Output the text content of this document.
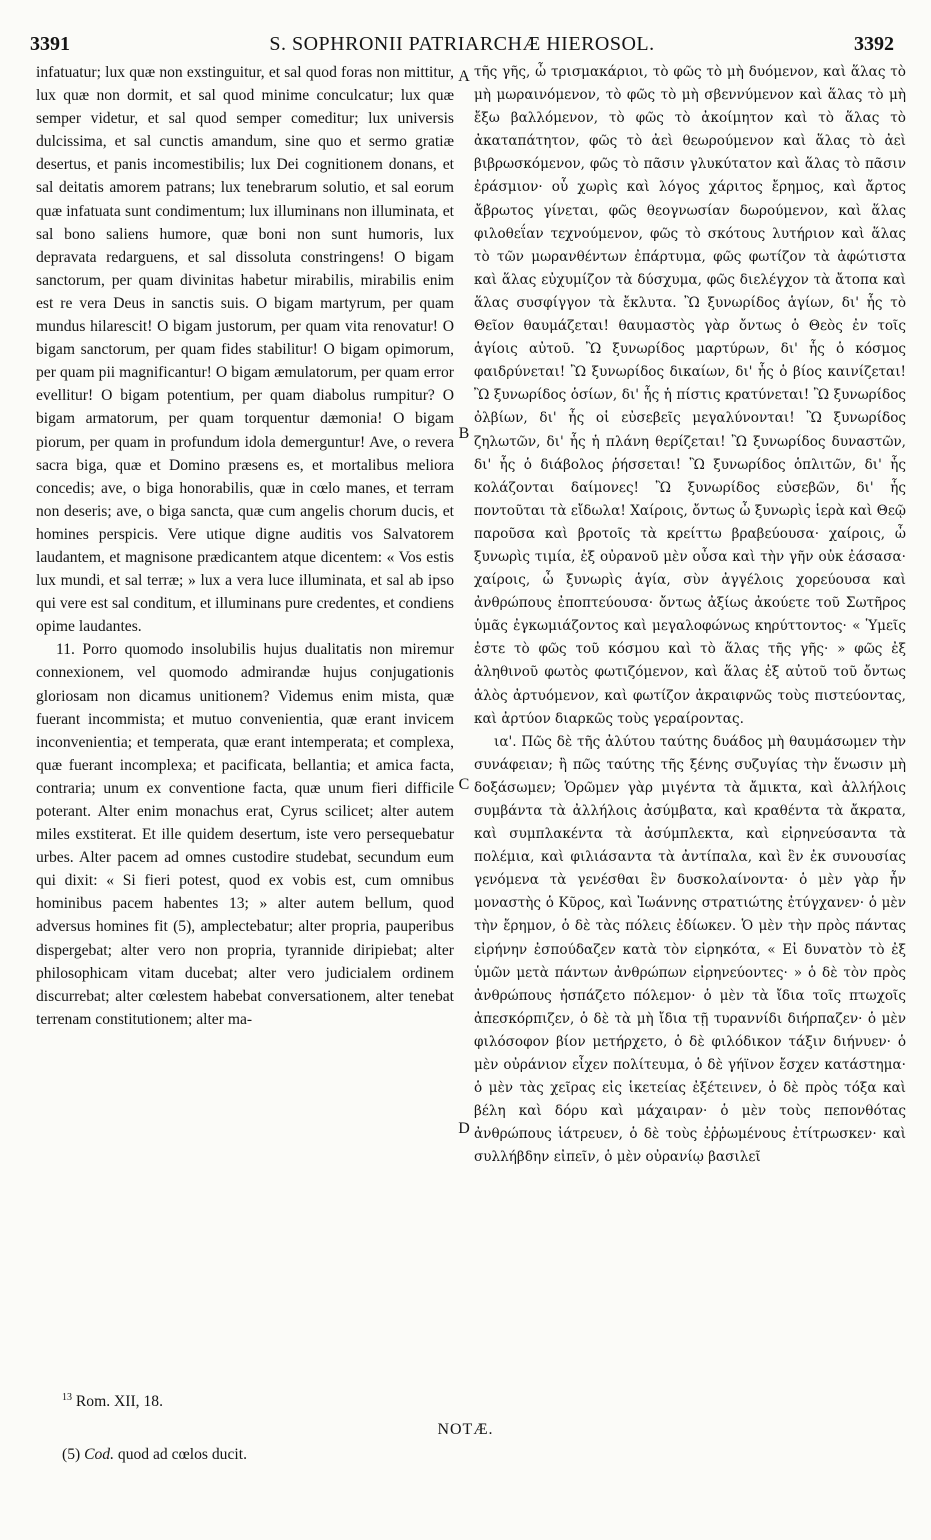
3391	S. SOPHRONII PATRIARCHÆ HIEROSOL.	3392

infatuatur; lux quæ non exstinguitur, et sal quod foras non mittitur, lux quæ non dormit, et sal quod minime conculcatur; lux quæ semper videtur, et sal quod semper comeditur; lux universis dulcissima, et sal cunctis amandum, sine quo et sermo gratiæ desertus, et panis incomestibilis; lux Dei cognitionem donans, et sal deitatis amorem patrans; lux tenebrarum solutio, et sal eorum quæ infatuata sunt condimentum; lux illuminans non illuminata, et sal bono saliens humore, quæ boni non sunt humoris, lux depravata redarguens, et sal dissoluta constringens! O bigam sanctorum, per quam divinitas habetur mirabilis, mirabilis enim est re vera Deus in sanctis suis. O bigam martyrum, per quam mundus hilarescit! O bigam justorum, per quam vita renovatur! O bigam sanctorum, per quam fides stabilitur! O bigam opimorum, per quam pii magnificantur! O bigam æmulatorum, per quam error evellitur! O bigam potentium, per quam diabolus rumpitur? O bigam armatorum, per quam torquentur dæmonia! O bigam piorum, per quam in profundum idola demerguntur! Ave, o revera sacra biga, quæ et Domino præsens es, et mortalibus meliora concedis; ave, o biga honorabilis, quæ in cœlo manes, et terram non deseris; ave, o biga sancta, quæ cum angelis chorum ducis, et homines perspicis. Vere utique digne auditis vos Salvatorem laudantem, et magnisone prædicantem atque dicentem: « Vos estis lux mundi, et sal terræ; » lux a vera luce illuminata, et sal ab ipso qui vere est sal conditum, et illuminans pure credentes, et condiens opime laudantes.

11. Porro quomodo insolubilis hujus dualitatis non miremur connexionem, vel quomodo admirandæ hujus conjugationis gloriosam non dicamus unitionem? Videmus enim mista, quæ fuerant incommista; et mutuo convenientia, quæ erant invicem inconvenientia; et temperata, quæ erant intemperata; et complexa, quæ fuerant incomplexa; et pacificata, bellantia; et amica facta, contraria; unum ex conventione facta, quæ unum fieri difficile poterant. Alter enim monachus erat, Cyrus scilicet; alter autem miles exstiterat. Et ille quidem desertum, iste vero persequebatur urbes. Alter pacem ad omnes custodire studebat, secundum eum qui dixit: « Si fieri potest, quod ex vobis est, cum omnibus hominibus pacem habentes 13; » alter autem bellum, quod adversus homines fit (5), amplectebatur; alter propria, pauperibus dispergebat; alter vero non propria, tyrannide diripiebat; alter philosophicam vitam ducebat; alter vero judicialem ordinem discurrebat; alter cœlestem habebat conversationem, alter tenebat terrenam constitutionem; alter ma-

A
B
C
D

τῆς γῆς, ὦ τρισμακάριοι, τὸ φῶς τὸ μὴ δυόμενον, καὶ ἅλας τὸ μὴ μωραινόμενον, τὸ φῶς τὸ μὴ σβεννύμενον καὶ ἅλας τὸ μὴ ἔξω βαλλόμενον, τὸ φῶς τὸ ἀκοίμητον καὶ τὸ ἅλας τὸ ἀκαταπάτητον, φῶς τὸ ἀεὶ θεωρούμενον καὶ ἅλας τὸ ἀεὶ βιβρωσκόμενον, φῶς τὸ πᾶσιν γλυκύτατον καὶ ἅλας τὸ πᾶσιν ἐράσμιον· οὗ χωρὶς καὶ λόγος χάριτος ἔρημος, καὶ ἄρτος ἄβρωτος γίνεται, φῶς θεογνωσίαν δωρούμενον, καὶ ἅλας φιλοθεΐαν τεχνούμενον, φῶς τὸ σκότους λυτήριον καὶ ἅλας τὸ τῶν μωρανθέντων ἐπάρτυμα, φῶς φωτίζον τὰ ἀφώτιστα καὶ ἅλας εὐχυμίζον τὰ δύσχυμα, φῶς διελέγχον τὰ ἄτοπα καὶ ἅλας συσφίγγον τὰ ἔκλυτα. Ὢ ξυνωρίδος ἁγίων, δι' ἧς τὸ Θεῖον θαυμάζεται! θαυμαστὸς γὰρ ὄντως ὁ Θεὸς ἐν τοῖς ἁγίοις αὐτοῦ. Ὢ ξυνωρίδος μαρτύρων, δι' ἧς ὁ κόσμος φαιδρύνεται! Ὢ ξυνωρίδος δικαίων, δι' ἧς ὁ βίος καινίζεται! Ὢ ξυνωρίδος ὁσίων, δι' ἧς ἡ πίστις κρατύνεται! Ὢ ξυνωρίδος ὀλβίων, δι' ἧς οἱ εὐσεβεῖς μεγαλύνονται! Ὢ ξυνωρίδος ζηλωτῶν, δι' ἧς ἡ πλάνη θερίζεται! Ὢ ξυνωρίδος δυναστῶν, δι' ἧς ὁ διάβολος ῥήσσεται! Ὢ ξυνωρίδος ὁπλιτῶν, δι' ἧς κολάζονται δαίμονες! Ὢ ξυνωρίδος εὐσεβῶν, δι' ἧς ποντοῦται τὰ εἴδωλα! Χαίροις, ὄντως ὦ ξυνωρὶς ἱερὰ καὶ Θεῷ παροῦσα καὶ βροτοῖς τὰ κρείττω βραβεύουσα· χαίροις, ὦ ξυνωρὶς τιμία, ἐξ οὐρανοῦ μὲν οὖσα καὶ τὴν γῆν οὐκ ἐάσασα· χαίροις, ὦ ξυνωρὶς ἁγία, σὺν ἀγγέλοις χορεύουσα καὶ ἀνθρώπους ἐποπτεύουσα· ὄντως ἀξίως ἀκούετε τοῦ Σωτῆρος ὑμᾶς ἐγκωμιάζοντος καὶ μεγαλοφώνως κηρύττοντος· « Ὑμεῖς ἐστε τὸ φῶς τοῦ κόσμου καὶ τὸ ἅλας τῆς γῆς· » φῶς ἐξ ἀληθινοῦ φωτὸς φωτιζόμενον, καὶ ἅλας ἐξ αὐτοῦ τοῦ ὄντως ἁλὸς ἀρτυόμενον, καὶ φωτίζον ἀκραιφνῶς τοὺς πιστεύοντας, καὶ ἀρτύον διαρκῶς τοὺς γεραίροντας.

ια'. Πῶς δὲ τῆς ἀλύτου ταύτης δυάδος μὴ θαυμάσωμεν τὴν συνάφειαν; ἢ πῶς ταύτης τῆς ξένης συζυγίας τὴν ἕνωσιν μὴ δοξάσωμεν; Ὁρῶμεν γὰρ μιγέντα τὰ ἄμικτα, καὶ ἀλλήλοις συμβάντα τὰ ἀλλήλοις ἀσύμβατα, καὶ κραθέντα τὰ ἄκρατα, καὶ συμπλακέντα τὰ ἀσύμπλεκτα, καὶ εἰρηνεύσαντα τὰ πολέμια, καὶ φιλιάσαντα τὰ ἀντίπαλα, καὶ ἓν ἐκ συνουσίας γενόμενα τὰ γενέσθαι ἓν δυσκολαίνοντα· ὁ μὲν γὰρ ἦν μοναστὴς ὁ Κῦρος, καὶ Ἰωάννης στρατιώτης ἐτύγχανεν· ὁ μὲν τὴν ἔρημον, ὁ δὲ τὰς πόλεις ἐδίωκεν. Ὁ μὲν τὴν πρὸς πάντας εἰρήνην ἐσπούδαζεν κατὰ τὸν εἰρηκότα, « Εἰ δυνατὸν τὸ ἐξ ὑμῶν μετὰ πάντων ἀνθρώπων εἰρηνεύοντες· » ὁ δὲ τὸν πρὸς ἀνθρώπους ἠσπάζετο πόλεμον· ὁ μὲν τὰ ἴδια τοῖς πτωχοῖς ἀπεσκόρπιζεν, ὁ δὲ τὰ μὴ ἴδια τῇ τυραννίδι διήρπαζεν· ὁ μὲν φιλόσοφον βίον μετήρχετο, ὁ δὲ φιλόδικον τάξιν διήνυεν· ὁ μὲν οὐράνιον εἶχεν πολίτευμα, ὁ δὲ γήϊνον ἔσχεν κατάστημα· ὁ μὲν τὰς χεῖρας εἰς ἱκετείας ἐξέτεινεν, ὁ δὲ πρὸς τόξα καὶ βέλη καὶ δόρυ καὶ μάχαιραν· ὁ μὲν τοὺς πεπονθότας ἀνθρώπους ἰάτρευεν, ὁ δὲ τοὺς ἐῤῥωμένους ἐτίτρωσκεν· καὶ συλλήβδην εἰπεῖν, ὁ μὲν οὐρανίῳ βασιλεῖ

$^{13}$ Rom. XII, 18.
NOTÆ.
(5) Cod. quod ad cœlos ducit.
